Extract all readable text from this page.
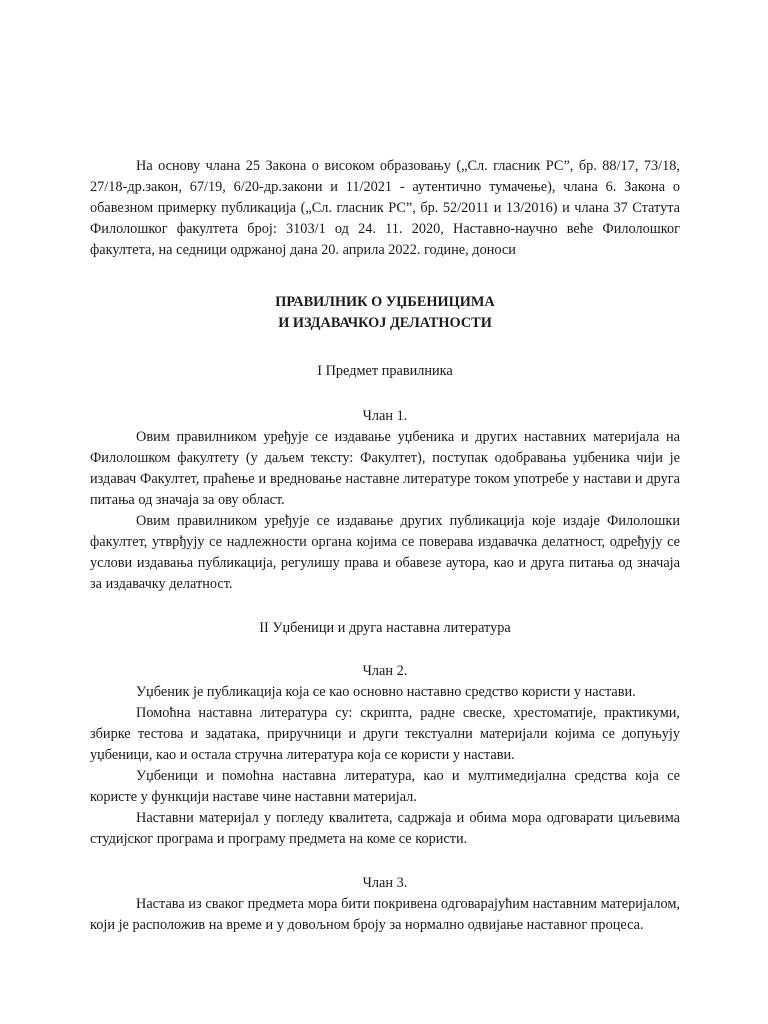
На основу члана 25 Закона о високом образовању („Сл. гласник РС”, бр. 88/17, 73/18, 27/18-др.закон, 67/19, 6/20-др.закони и 11/2021 - аутентично тумачење), члана 6. Закона о обавезном примерку публикација („Сл. гласник РС”, бр. 52/2011 и 13/2016) и члана 37 Статута Филолошког факултета број: 3103/1 од 24. 11. 2020, Наставно-научно веће Филолошког факултета, на седници одржаној дана 20. априла 2022. године, доноси

ПРАВИЛНИК О УЏБЕНИЦИМА

И ИЗДАВАЧКОЈ ДЕЛАТНОСТИ

I Предмет правилника

Члан 1.

Овим правилником уређује се издавање уџбеника и других наставних материјала на Филолошком факултету (у даљем тексту: Факултет), поступак одобравања уџбеника чији је издавач Факултет, праћење и вредновање наставне литературе током употребе у настави и друга питања од значаја за ову област.

Овим правилником уређује се издавање других публикација које издаје Филолошки факултет, утврђују се надлежности органа којима се поверава издавачка делатност, одређују се услови издавања публикација, регулишу права и обавезе аутора, као и друга питања од значаја за издавачку делатност.

II Уџбеници и друга наставна литература

Члан 2.

Уџбеник је публикација која се као основно наставно средство користи у настави.

Помоћна наставна литература су: скрипта, радне свеске, хрестоматије, практикуми, збирке тестова и задатака, приручници и други текстуални материјали којима се допуњују уџбеници, као и остала стручна литература која се користи у настави.

Уџбеници и помоћна наставна литература, као и мултимедијална средства која се користе у функцији наставе чине наставни материјал.

Наставни материјал у погледу квалитета, садржаја и обима мора одговарати циљевима студијског програма и програму предмета на коме се користи.

Члан 3.

Настава из сваког предмета мора бити покривена одговарајућим наставним материјалом, који је расположив на време и у довољном броју за нормално одвијање наставног процеса.
